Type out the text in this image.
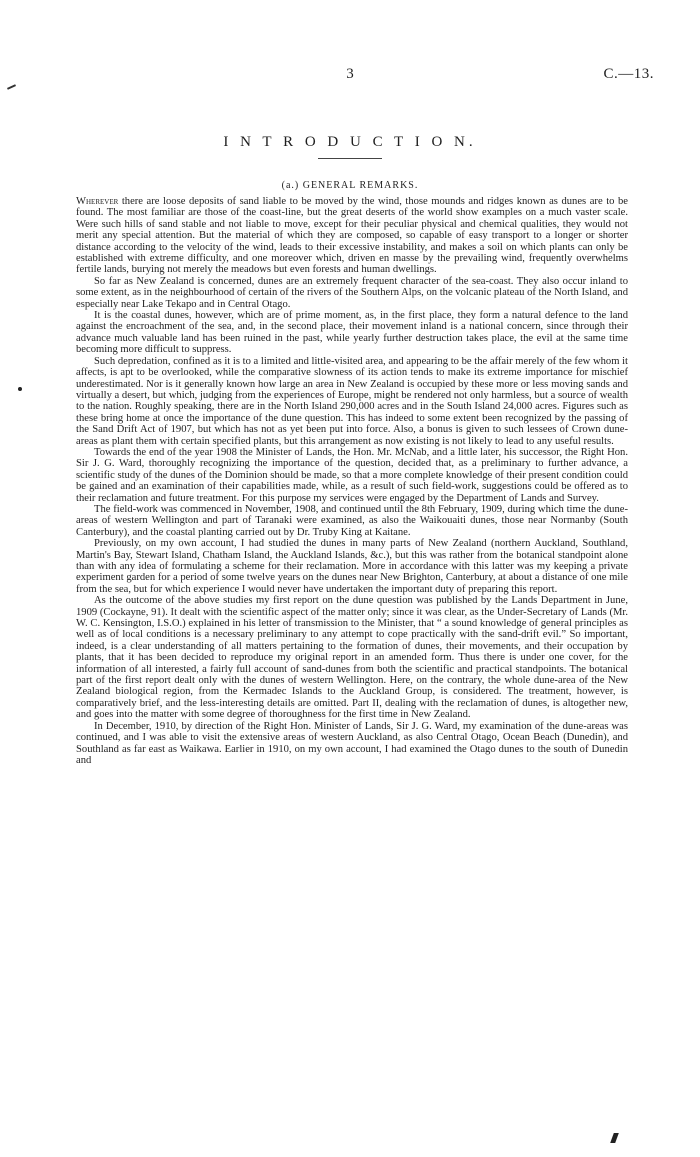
3	C.—13.
I N T R O D U C T I O N.
(a.) GENERAL REMARKS.

Wherever there are loose deposits of sand liable to be moved by the wind, those mounds and ridges known as dunes are to be found. The most familiar are those of the coast-line, but the great deserts of the world show examples on a much vaster scale. Were such hills of sand stable and not liable to move, except for their peculiar physical and chemical qualities, they would not merit any special attention. But the material of which they are composed, so capable of easy transport to a longer or shorter distance according to the velocity of the wind, leads to their excessive instability, and makes a soil on which plants can only be established with extreme difficulty, and one moreover which, driven en masse by the prevailing wind, frequently overwhelms fertile lands, burying not merely the meadows but even forests and human dwellings.

So far as New Zealand is concerned, dunes are an extremely frequent character of the sea-coast. They also occur inland to some extent, as in the neighbourhood of certain of the rivers of the Southern Alps, on the volcanic plateau of the North Island, and especially near Lake Tekapo and in Central Otago.

It is the coastal dunes, however, which are of prime moment, as, in the first place, they form a natural defence to the land against the encroachment of the sea, and, in the second place, their movement inland is a national concern, since through their advance much valuable land has been ruined in the past, while yearly further destruction takes place, the evil at the same time becoming more difficult to suppress.

Such depredation, confined as it is to a limited and little-visited area, and appearing to be the affair merely of the few whom it affects, is apt to be overlooked, while the comparative slowness of its action tends to make its extreme importance for mischief underestimated. Nor is it generally known how large an area in New Zealand is occupied by these more or less moving sands and virtually a desert, but which, judging from the experiences of Europe, might be rendered not only harmless, but a source of wealth to the nation. Roughly speaking, there are in the North Island 290,000 acres and in the South Island 24,000 acres. Figures such as these bring home at once the importance of the dune question. This has indeed to some extent been recognized by the passing of the Sand Drift Act of 1907, but which has not as yet been put into force. Also, a bonus is given to such lessees of Crown dune-areas as plant them with certain specified plants, but this arrangement as now existing is not likely to lead to any useful results.

Towards the end of the year 1908 the Minister of Lands, the Hon. Mr. McNab, and a little later, his successor, the Right Hon. Sir J. G. Ward, thoroughly recognizing the importance of the question, decided that, as a preliminary to further advance, a scientific study of the dunes of the Dominion should be made, so that a more complete knowledge of their present condition could be gained and an examination of their capabilities made, while, as a result of such field-work, suggestions could be offered as to their reclamation and future treatment. For this purpose my services were engaged by the Department of Lands and Survey.

The field-work was commenced in November, 1908, and continued until the 8th February, 1909, during which time the dune-areas of western Wellington and part of Taranaki were examined, as also the Waikouaiti dunes, those near Normanby (South Canterbury), and the coastal planting carried out by Dr. Truby King at Kaitane.

Previously, on my own account, I had studied the dunes in many parts of New Zealand (northern Auckland, Southland, Martin's Bay, Stewart Island, Chatham Island, the Auckland Islands, &c.), but this was rather from the botanical standpoint alone than with any idea of formulating a scheme for their reclamation. More in accordance with this latter was my keeping a private experiment garden for a period of some twelve years on the dunes near New Brighton, Canterbury, at about a distance of one mile from the sea, but for which experience I would never have undertaken the important duty of preparing this report.

As the outcome of the above studies my first report on the dune question was published by the Lands Department in June, 1909 (Cockayne, 91). It dealt with the scientific aspect of the matter only; since it was clear, as the Under-Secretary of Lands (Mr. W. C. Kensington, I.S.O.) explained in his letter of transmission to the Minister, that “ a sound knowledge of general principles as well as of local conditions is a necessary preliminary to any attempt to cope practically with the sand-drift evil.” So important, indeed, is a clear understanding of all matters pertaining to the formation of dunes, their movements, and their occupation by plants, that it has been decided to reproduce my original report in an amended form. Thus there is under one cover, for the information of all interested, a fairly full account of sand-dunes from both the scientific and practical standpoints. The botanical part of the first report dealt only with the dunes of western Wellington. Here, on the contrary, the whole dune-area of the New Zealand biological region, from the Kermadec Islands to the Auckland Group, is considered. The treatment, however, is comparatively brief, and the less-interesting details are omitted. Part II, dealing with the reclamation of dunes, is altogether new, and goes into the matter with some degree of thoroughness for the first time in New Zealand.

In December, 1910, by direction of the Right Hon. Minister of Lands, Sir J. G. Ward, my examination of the dune-areas was continued, and I was able to visit the extensive areas of western Auckland, as also Central Otago, Ocean Beach (Dunedin), and Southland as far east as Waikawa. Earlier in 1910, on my own account, I had examined the Otago dunes to the south of Dunedin and
